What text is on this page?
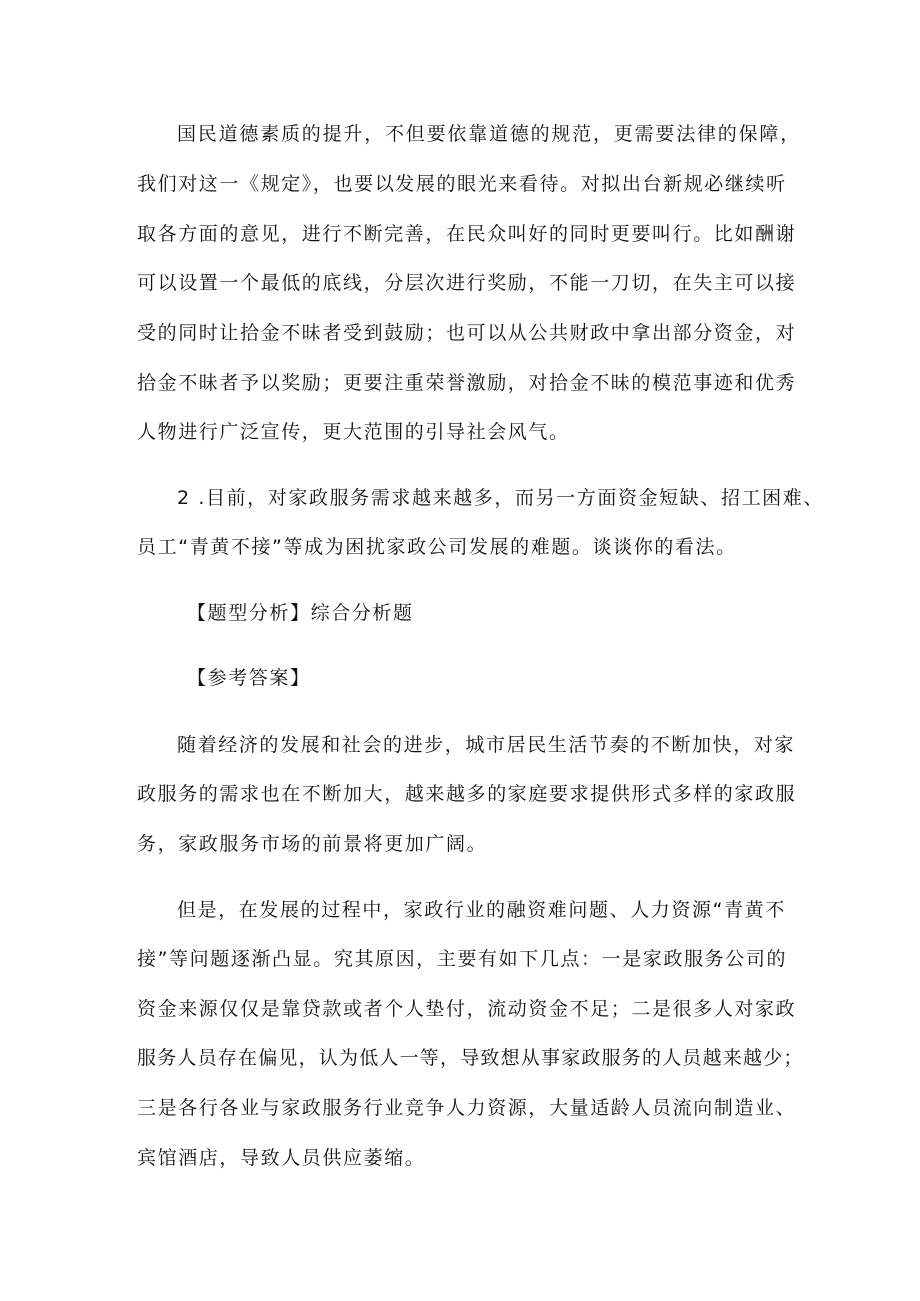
国民道德素质的提升，不但要依靠道德的规范，更需要法律的保障，
我们对这一《规定》，也要以发展的眼光来看待。对拟出台新规必继续听
取各方面的意见，进行不断完善，在民众叫好的同时更要叫行。比如酬谢
可以设置一个最低的底线，分层次进行奖励，不能一刀切，在失主可以接
受的同时让拾金不昧者受到鼓励；也可以从公共财政中拿出部分资金，对
拾金不昧者予以奖励；更要注重荣誉激励，对拾金不昧的模范事迹和优秀
人物进行广泛宣传，更大范围的引导社会风气。
2 .目前，对家政服务需求越来越多，而另一方面资金短缺、招工困难、
员工“青黄不接”等成为困扰家政公司发展的难题。谈谈你的看法。
【题型分析】综合分析题
【参考答案】
随着经济的发展和社会的进步，城市居民生活节奏的不断加快，对家
政服务的需求也在不断加大，越来越多的家庭要求提供形式多样的家政服
务，家政服务市场的前景将更加广阔。
但是，在发展的过程中，家政行业的融资难问题、人力资源“青黄不
接”等问题逐渐凸显。究其原因，主要有如下几点：一是家政服务公司的
资金来源仅仅是靠贷款或者个人垫付，流动资金不足；二是很多人对家政
服务人员存在偏见，认为低人一等，导致想从事家政服务的人员越来越少；
三是各行各业与家政服务行业竞争人力资源，大量适龄人员流向制造业、
宾馆酒店，导致人员供应萎缩。
